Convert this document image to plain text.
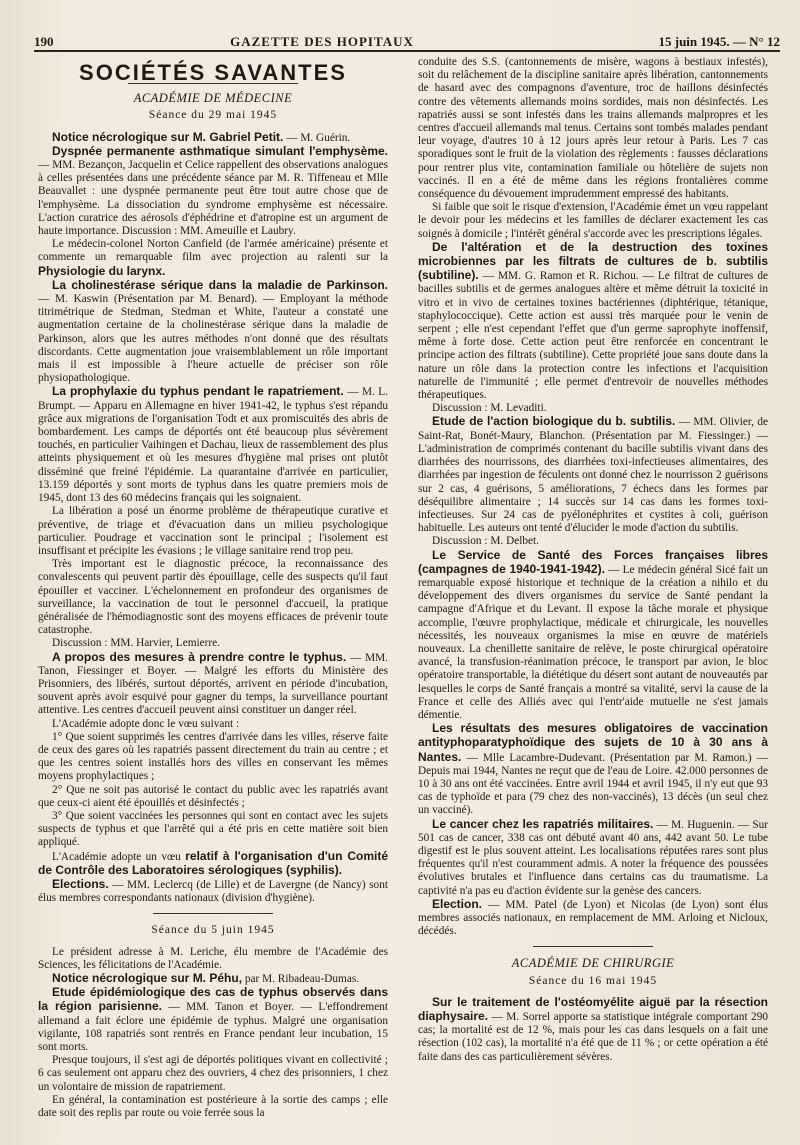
190	GAZETTE DES HOPITAUX	15 juin 1945. — N° 12
SOCIÉTÉS SAVANTES
ACADÉMIE DE MÉDECINE
Séance du 29 mai 1945

Notice nécrologique sur M. Gabriel Petit. — M. Guérin.

Dyspnée permanente asthmatique simulant l'emphysème. — MM. Bezançon, Jacquelin et Celice rappellent des observations analogues à celles présentées dans une précédente séance par M. R. Tiffeneau et Mlle Beauvallet : une dyspnée permanente peut être tout autre chose que de l'emphysème. La dissociation du syndrome emphysème est nécessaire. L'action curatrice des aérosols d'éphédrine et d'atropine est un argument de haute importance. Discussion : MM. Ameuille et Laubry.

Le médecin-colonel Norton Canfield (de l'armée américaine) présente et commente un remarquable film avec projection au ralenti sur la Physiologie du larynx.

La cholinestérase sérique dans la maladie de Parkinson. — M. Kaswin (Présentation par M. Benard). — Employant la méthode titrimétrique de Stedman, Stedman et White, l'auteur a constaté une augmentation certaine de la cholinestérase sérique dans la maladie de Parkinson, alors que les autres méthodes n'ont donné que des résultats discordants. Cette augmentation joue vraisemblablement un rôle important mais il est impossible à l'heure actuelle de préciser son rôle physiopathologique.

La prophylaxie du typhus pendant le rapatriement. — M. L. Brumpt. — Apparu en Allemagne en hiver 1941-42, le typhus s'est répandu grâce aux migrations de l'organisation Todt et aux promiscuités des abris de bombardement. Les camps de déportés ont été beaucoup plus sévèrement touchés, en particulier Vaihingen et Dachau, lieux de rassemblement des plus atteints physiquement et où les mesures d'hygiène mal prises ont plutôt disséminé que freiné l'épidémie. La quarantaine d'arrivée en particulier, 13.159 déportés y sont morts de typhus dans les quatre premiers mois de 1945, dont 13 des 60 médecins français qui les soignaient.

La libération a posé un énorme problème de thérapeutique curative et préventive, de triage et d'évacuation dans un milieu psychologique particulier. Poudrage et vaccination sont le principal ; l'isolement est insuffisant et précipite les évasions ; le village sanitaire rend trop peu.

Très important est le diagnostic précoce, la reconnaissance des convalescents qui peuvent partir dès épouillage, celle des suspects qu'il faut épouiller et vacciner. L'échelonnement en profondeur des organismes de surveillance, la vaccination de tout le personnel d'accueil, la pratique généralisée de l'hémodiagnostic sont des moyens efficaces de prévenir toute catastrophe.

Discussion : MM. Harvier, Lemierre.

A propos des mesures à prendre contre le typhus. — MM. Tanon, Fiessinger et Boyer. — Malgré les efforts du Ministère des Prisonniers, des libérés, surtout déportés, arrivent en période d'incubation, souvent après avoir esquivé pour gagner du temps, la surveillance pourtant attentive. Les centres d'accueil peuvent ainsi constituer un danger réel.

L'Académie adopte donc le vœu suivant :

1° Que soient supprimés les centres d'arrivée dans les villes, réserve faite de ceux des gares où les rapatriés passent directement du train au centre ; et que les centres soient installés hors des villes en conservant les mêmes moyens prophylactiques ;

2° Que ne soit pas autorisé le contact du public avec les rapatriés avant que ceux-ci aient été épouillés et désinfectés ;

3° Que soient vaccinées les personnes qui sont en contact avec les sujets suspects de typhus et que l'arrêté qui a été pris en cette matière soit bien appliqué.

L'Académie adopte un vœu relatif à l'organisation d'un Comité de Contrôle des Laboratoires sérologiques (syphilis).

Elections. — MM. Leclercq (de Lille) et de Lavergne (de Nancy) sont élus membres correspondants nationaux (division d'hygiène).

Séance du 5 juin 1945

Le président adresse à M. Leriche, élu membre de l'Académie des Sciences, les félicitations de l'Académie.

Notice nécrologique sur M. Péhu, par M. Ribadeau-Dumas.

Etude épidémiologique des cas de typhus observés dans la région parisienne. — MM. Tanon et Boyer. — L'effondrement allemand a fait éclore une épidémie de typhus. Malgré une organisation vigilante, 108 rapatriés sont rentrés en France pendant leur incubation, 15 sont morts.

Presque toujours, il s'est agi de déportés politiques vivant en collectivité ; 6 cas seulement ont apparu chez des ouvriers, 4 chez des prisonniers, 1 chez un volontaire de mission de rapatriement.

En général, la contamination est postérieure à la sortie des camps ; elle date soit des replis par route ou voie ferrée sous la

conduite des S.S. (cantonnements de misère, wagons à bestiaux infestés), soit du relâchement de la discipline sanitaire après libération, cantonnements de hasard avec des compagnons d'aventure, troc de haillons désinfectés contre des vêtements allemands moins sordides, mais non désinfectés. Les rapatriés aussi se sont infestés dans les trains allemands malpropres et les centres d'accueil allemands mal tenus. Certains sont tombés malades pendant leur voyage, d'autres 10 à 12 jours après leur retour à Paris. Les 7 cas sporadiques sont le fruit de la violation des règlements : fausses déclarations pour rentrer plus vite, contamination familiale ou hôtelière de sujets non vaccinés. Il en a été de même dans les régions frontalières comme conséquence du dévouement imprudemment empressé des habitants.

Si faible que soit le risque d'extension, l'Académie émet un vœu rappelant le devoir pour les médecins et les familles de déclarer exactement les cas soignés à domicile ; l'intérêt général s'accorde avec les prescriptions légales.

De l'altération et de la destruction des toxines microbiennes par les filtrats de cultures de b. subtilis (subtiline). — MM. G. Ramon et R. Richou. — Le filtrat de cultures de bacilles subtilis et de germes analogues altère et même détruit la toxicité in vitro et in vivo de certaines toxines bactériennes (diphtérique, tétanique, staphylococcique). Cette action est aussi très marquée pour le venin de serpent ; elle n'est cependant l'effet que d'un germe saprophyte inoffensif, même à forte dose. Cette action peut être renforcée en concentrant le principe action des filtrats (subtiline). Cette propriété joue sans doute dans la nature un rôle dans la protection contre les infections et l'acquisition naturelle de l'immunité ; elle permet d'entrevoir de nouvelles méthodes thérapeutiques.

Discussion : M. Levaditi.

Etude de l'action biologique du b. subtilis. — MM. Olivier, de Saint-Rat, Bonét-Maury, Blanchon. (Présentation par M. Fiessinger.) — L'administration de comprimés contenant du bacille subtilis vivant dans des diarrhées des nourrissons, des diarrhées toxi-infectieuses alimentaires, des diarrhées par ingestion de féculents ont donné chez le nourrisson 2 guérisons sur 2 cas, 4 guérisons, 5 améliorations, 7 échecs dans les formes par déséquilibre alimentaire ; 14 succès sur 14 cas dans les formes toxi-infectieuses. Sur 24 cas de pyélonéphrites et cystites à coli, guérison habituelle. Les auteurs ont tenté d'élucider le mode d'action du subtilis.

Discussion : M. Delbet.

Le Service de Santé des Forces françaises libres (campagnes de 1940-1941-1942). — Le médecin général Sicé fait un remarquable exposé historique et technique de la création a nihilo et du développement des divers organismes du service de Santé pendant la campagne d'Afrique et du Levant. Il expose la tâche morale et physique accomplie, l'œuvre prophylactique, médicale et chirurgicale, les nouvelles nécessités, les nouveaux organismes la mise en œuvre de matériels nouveaux. La chenillette sanitaire de relève, le poste chirurgical opératoire avancé, la transfusion-réanimation précoce, le transport par avion, le bloc opératoire transportable, la diététique du désert sont autant de nouveautés par lesquelles le corps de Santé français a montré sa vitalité, servi la cause de la France et celle des Alliés avec qui l'entr'aide mutuelle ne s'est jamais démentie.

Les résultats des mesures obligatoires de vaccination antityphoparatyphoïdique des sujets de 10 à 30 ans à Nantes. — Mlle Lacambre-Dudevant. (Présentation par M. Ramon.) — Depuis mai 1944, Nantes ne reçut que de l'eau de Loire. 42.000 personnes de 10 à 30 ans ont été vaccinées. Entre avril 1944 et avril 1945, il n'y eut que 93 cas de typhoïde et para (79 chez des non-vaccinés), 13 décès (un seul chez un vacciné).

Le cancer chez les rapatriés militaires. — M. Huguenin. — Sur 501 cas de cancer, 338 cas ont débuté avant 40 ans, 442 avant 50. Le tube digestif est le plus souvent atteint. Les localisations réputées rares sont plus fréquentes qu'il n'est couramment admis. A noter la fréquence des poussées évolutives brutales et l'influence dans certains cas du traumatisme. La captivité n'a pas eu d'action évidente sur la genèse des cancers.

Election. — MM. Patel (de Lyon) et Nicolas (de Lyon) sont élus membres associés nationaux, en remplacement de MM. Arloing et Nicloux, décédés.

ACADÉMIE DE CHIRURGIE
Séance du 16 mai 1945

Sur le traitement de l'ostéomyélite aiguë par la résection diaphysaire. — M. Sorrel apporte sa statistique intégrale comportant 290 cas; la mortalité est de 12 %, mais pour les cas dans lesquels on a fait une résection (102 cas), la mortalité n'a été que de 11 % ; or cette opération a été faite dans des cas particulièrement sévères.
